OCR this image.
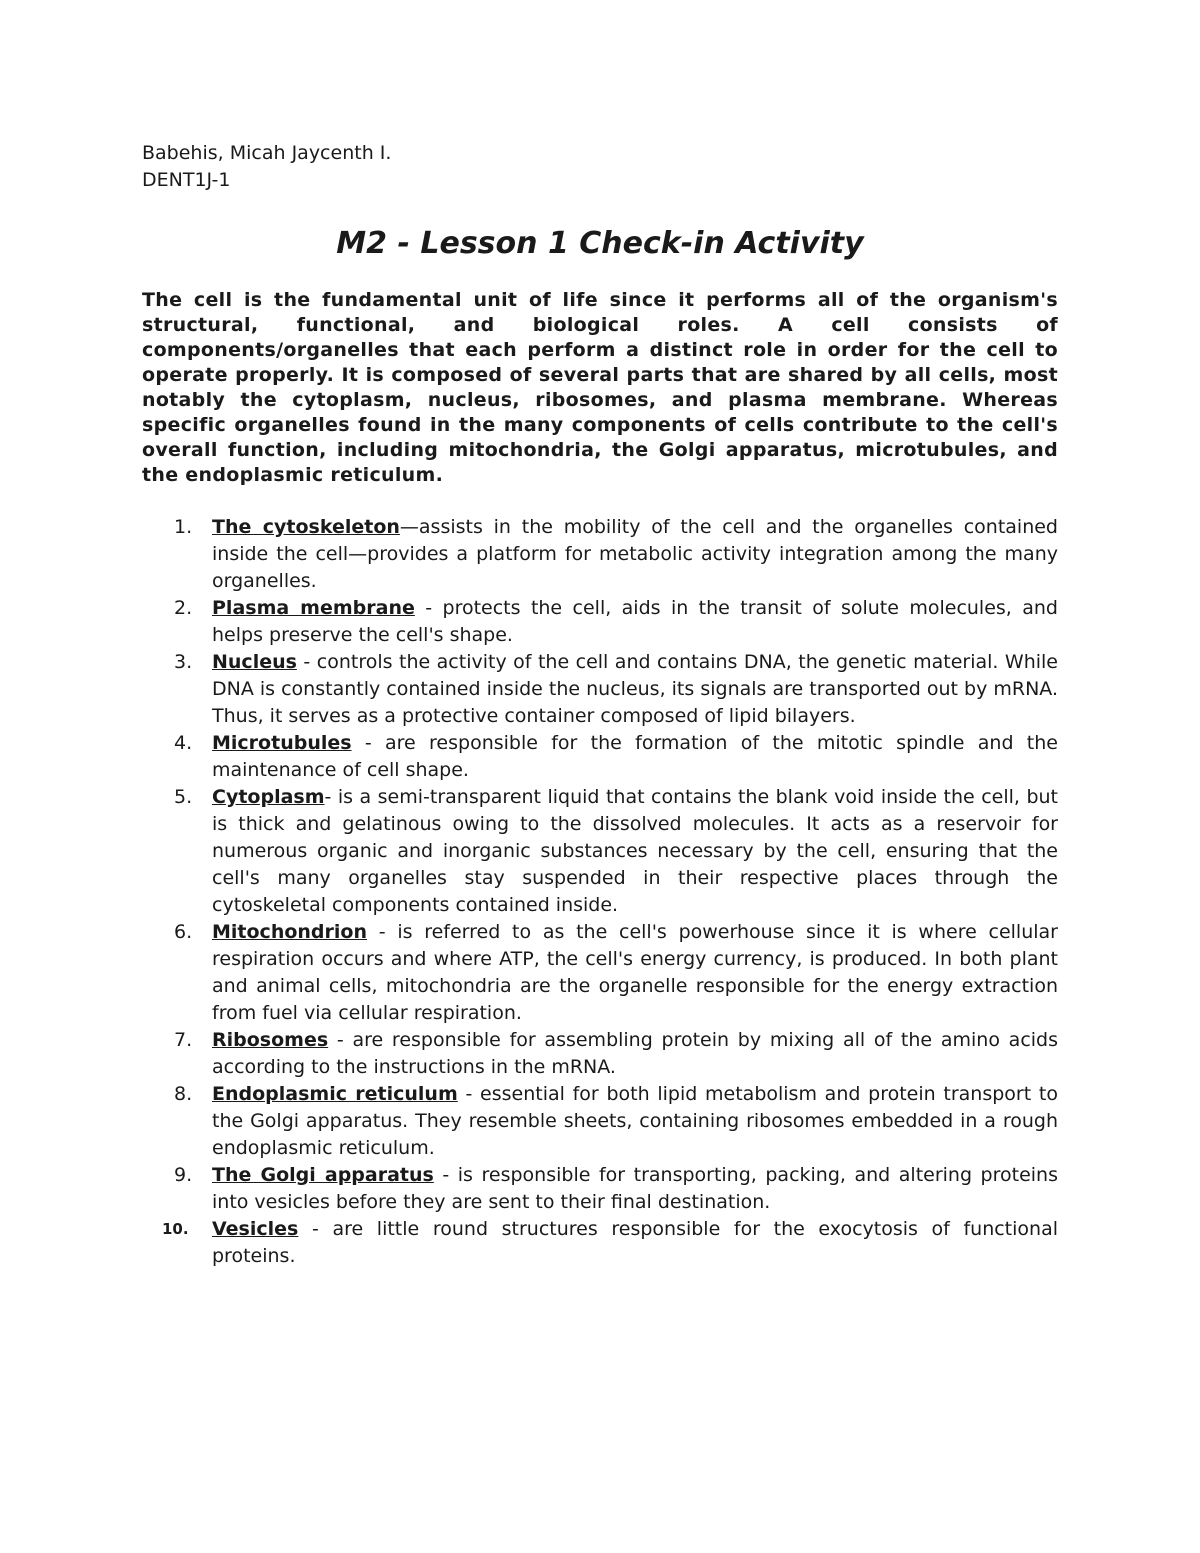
Babehis, Micah Jaycenth I.

DENT1J-1

M2 - Lesson 1 Check-in Activity

The cell is the fundamental unit of life since it performs all of the organism's structural, functional, and biological roles. A cell consists of components/organelles that each perform a distinct role in order for the cell to operate properly. It is composed of several parts that are shared by all cells, most notably the cytoplasm, nucleus, ribosomes, and plasma membrane. Whereas specific organelles found in the many components of cells contribute to the cell's overall function, including mitochondria, the Golgi apparatus, microtubules, and the endoplasmic reticulum.

1.	The cytoskeleton—assists in the mobility of the cell and the organelles contained inside the cell—provides a platform for metabolic activity integration among the many organelles.
2.	Plasma membrane - protects the cell, aids in the transit of solute molecules, and helps preserve the cell's shape.
3.	Nucleus - controls the activity of the cell and contains DNA, the genetic material. While DNA is constantly contained inside the nucleus, its signals are transported out by mRNA. Thus, it serves as a protective container composed of lipid bilayers.
4.	Microtubules - are responsible for the formation of the mitotic spindle and the maintenance of cell shape.
5.	Cytoplasm- is a semi-transparent liquid that contains the blank void inside the cell, but is thick and gelatinous owing to the dissolved molecules. It acts as a reservoir for numerous organic and inorganic substances necessary by the cell, ensuring that the cell's many organelles stay suspended in their respective places through the cytoskeletal components contained inside.
6.	Mitochondrion - is referred to as the cell's powerhouse since it is where cellular respiration occurs and where ATP, the cell's energy currency, is produced. In both plant and animal cells, mitochondria are the organelle responsible for the energy extraction from fuel via cellular respiration.
7.	Ribosomes - are responsible for assembling protein by mixing all of the amino acids according to the instructions in the mRNA.
8.	Endoplasmic reticulum - essential for both lipid metabolism and protein transport to the Golgi apparatus. They resemble sheets, containing ribosomes embedded in a rough endoplasmic reticulum.
9.	The Golgi apparatus - is responsible for transporting, packing, and altering proteins into vesicles before they are sent to their final destination.
10. Vesicles - are little round structures responsible for the exocytosis of functional proteins.
